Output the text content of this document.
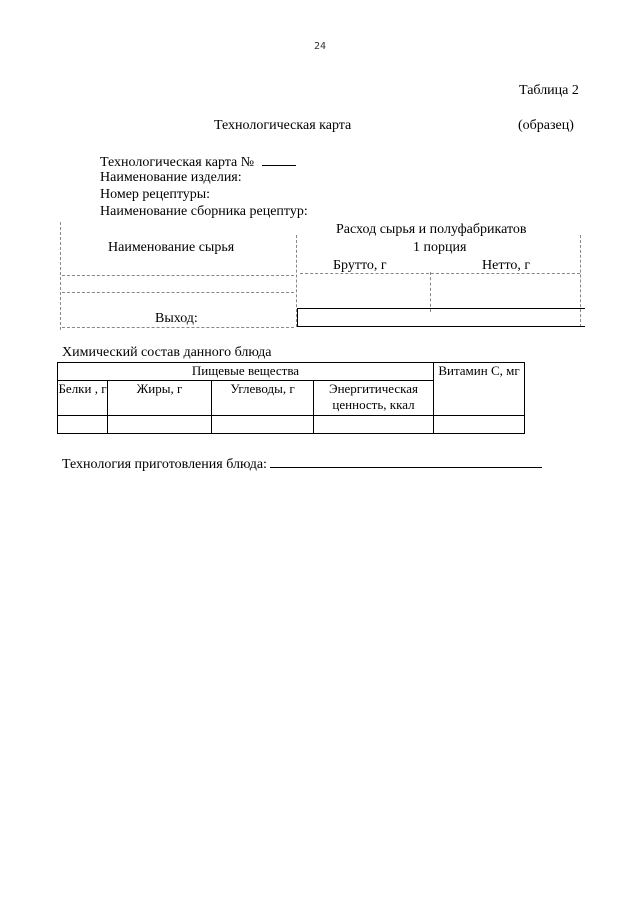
24
Таблица 2
Технологическая карта	(образец)
Технологическая карта №
Наименование изделия:
Номер рецептуры:
Наименование сборника рецептур:
Наименование сырья
Расход сырья и полуфабрикатов
1 порция
Брутто, г	Нетто, г
Выход:
Химический состав данного блюда
Пищевые вещества				Витамин С, мг
Белки , г	Жиры, г	Углеводы, г	Энергитическая ценность, ккал	

Технология приготовления блюда:
